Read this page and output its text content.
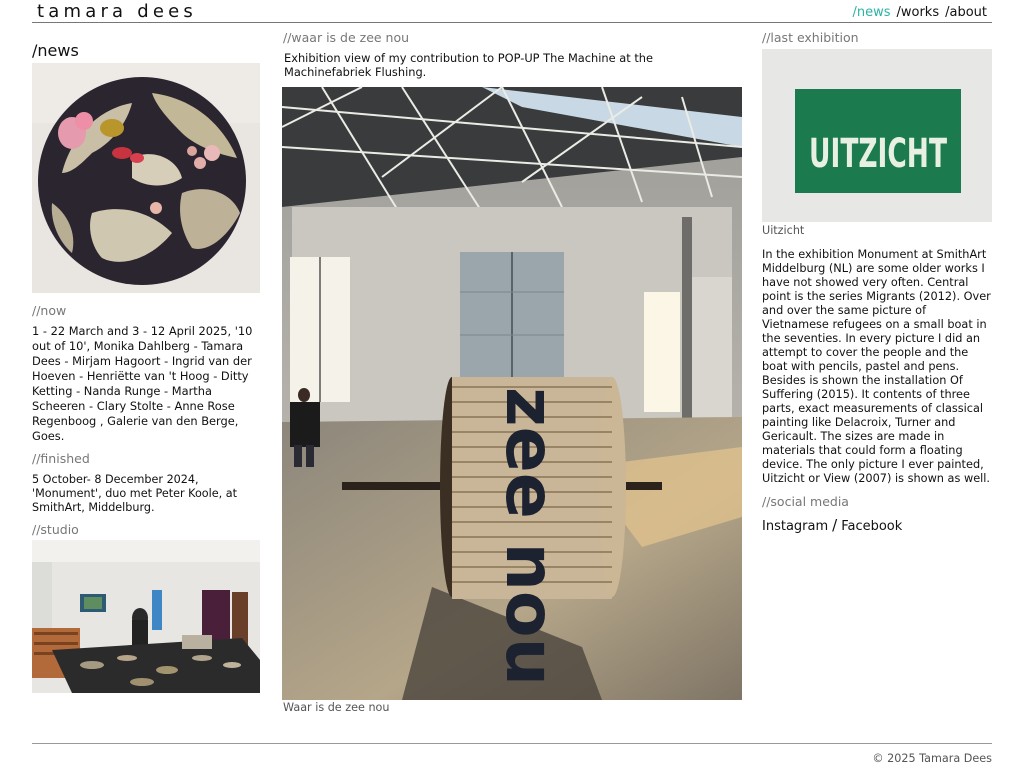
tamara dees	/news /works /about
/news
//now
1 - 22 March and 3 - 12 April 2025, '10 out of 10', Monika Dahlberg - Tamara Dees - Mirjam Hagoort - Ingrid van der Hoeven - Henriëtte van 't Hoog - Ditty Ketting - Nanda Runge - Martha Scheeren - Clary Stolte - Anne Rose Regenboog , Galerie van den Berge, Goes.
//finished
5 October- 8 December 2024, 'Monument', duo met Peter Koole, at SmithArt, Middelburg.
//studio
//waar is de zee nou
Exhibition view of my contribution to POP-UP The Machine at the Machinefabriek Flushing.
zee nou
Waar is de zee nou
//last exhibition
UITZICHT
Uitzicht
In the exhibition Monument at SmithArt Middelburg (NL) are some older works I have not showed very often. Central point is the series Migrants (2012). Over and over the same picture of Vietnamese refugees on a small boat in the seventies. In every picture I did an attempt to cover the people and the boat with pencils, pastel and pens. Besides is shown the installation Of Suffering (2015). It contents of three parts, exact measurements of classical painting like Delacroix, Turner and Gericault. The sizes are made in materials that could form a floating device. The only picture I ever painted, Uitzicht or View (2007) is shown as well.
//social media
Instagram / Facebook
© 2025 Tamara Dees
